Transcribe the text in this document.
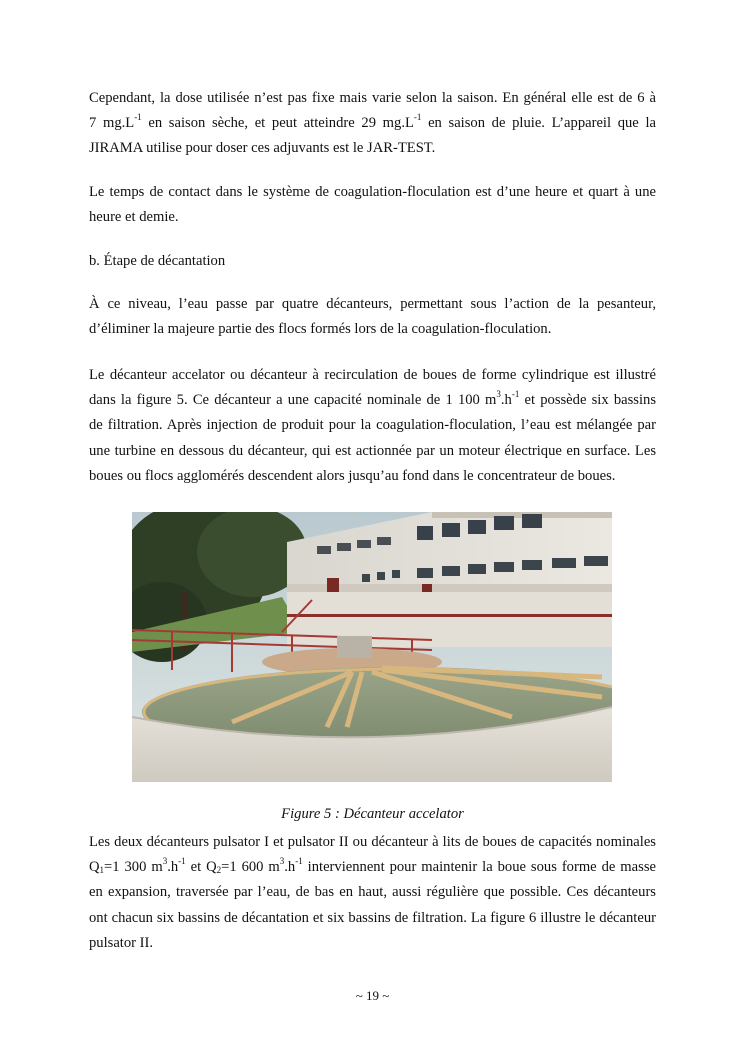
Cependant, la dose utilisée n’est pas fixe mais varie selon la saison. En général elle est de 6 à
7 $mg.L^{-1}$ en saison sèche, et peut atteindre 29 $mg.L^{-1}$ en saison de pluie. L’appareil que la
JIRAMA utilise pour doser ces adjuvants est le JAR-TEST.
Le temps de contact dans le système de coagulation-floculation est d’une heure et quart à une
heure et demie.
b. Étape de décantation
À ce niveau, l’eau passe par quatre décanteurs, permettant sous l’action de la pesanteur,
d’éliminer la majeure partie des flocs formés lors de la coagulation-floculation.
Le décanteur accelator ou décanteur à recirculation de boues de forme cylindrique est illustré
dans la figure 5. Ce décanteur a une capacité nominale de 1 100 $m^3.h^{-1}$ et possède six bassins
de filtration. Après injection de produit pour la coagulation-floculation, l’eau est mélangée par
une turbine en dessous du décanteur, qui est actionnée par un moteur électrique en surface. Les
boues ou flocs agglomérés descendent alors jusqu’au fond dans le concentrateur de boues.
Figure 5 : Décanteur accelator
Les deux décanteurs pulsator I et pulsator II ou décanteur à lits de boues de capacités nominales
$Q_1=1$ 300 $m^3.h^{-1}$ et $Q_2=1$ 600 $m^3.h^{-1}$ interviennent pour maintenir la boue sous forme de masse
en expansion, traversée par l’eau, de bas en haut, aussi régulière que possible. Ces décanteurs
ont chacun six bassins de décantation et six bassins de filtration. La figure 6 illustre le décanteur
pulsator II.
~ 19 ~
